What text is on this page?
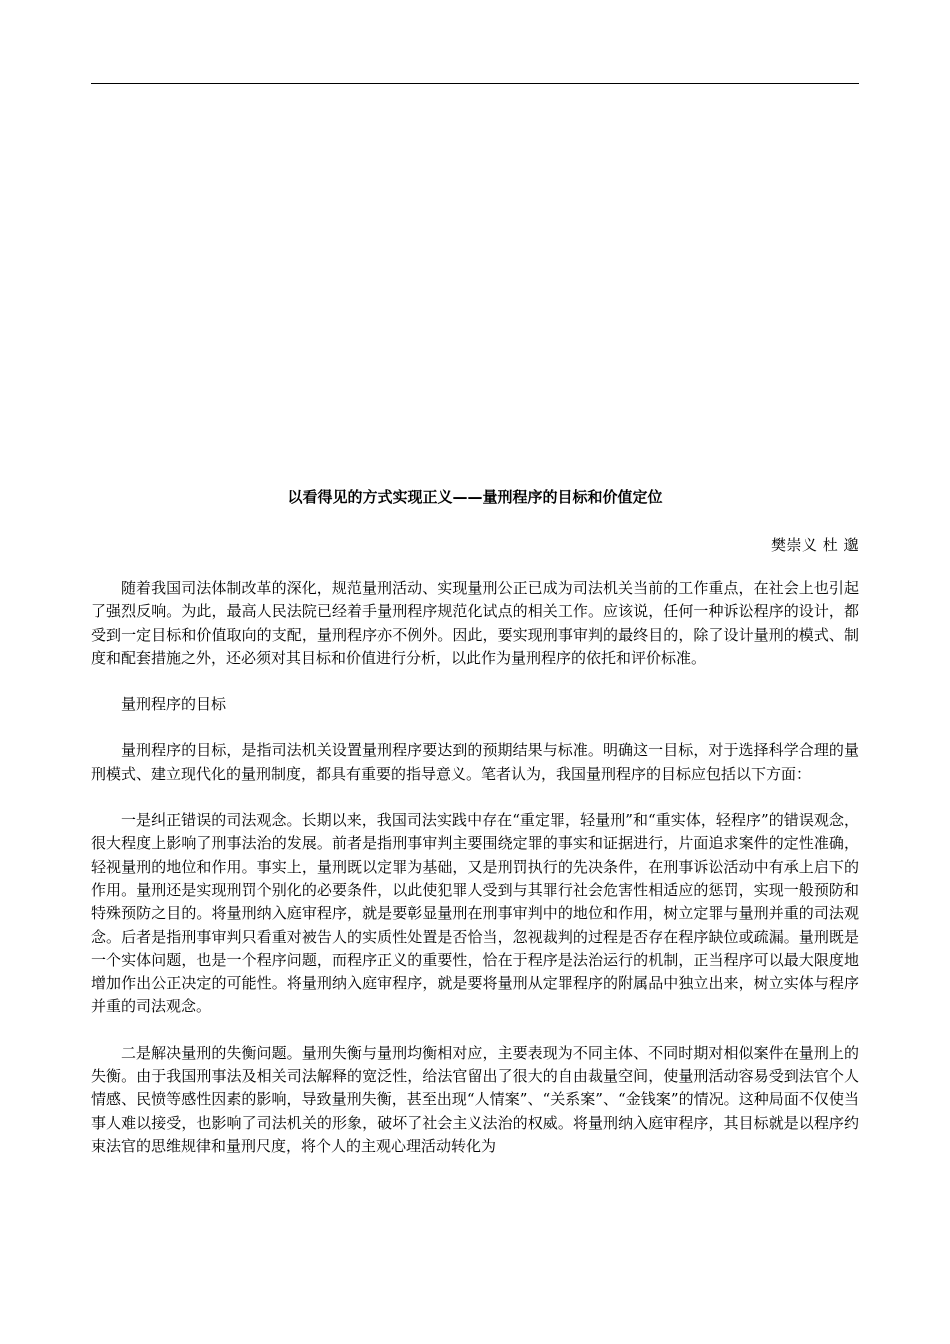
以看得见的方式实现正义——量刑程序的目标和价值定位
樊崇义 杜 邈

随着我国司法体制改革的深化，规范量刑活动、实现量刑公正已成为司法机关当前的工作重点，在社会上也引起了强烈反响。为此，最高人民法院已经着手量刑程序规范化试点的相关工作。应该说，任何一种诉讼程序的设计，都受到一定目标和价值取向的支配，量刑程序亦不例外。因此，要实现刑事审判的最终目的，除了设计量刑的模式、制度和配套措施之外，还必须对其目标和价值进行分析，以此作为量刑程序的依托和评价标准。

量刑程序的目标

量刑程序的目标，是指司法机关设置量刑程序要达到的预期结果与标准。明确这一目标，对于选择科学合理的量刑模式、建立现代化的量刑制度，都具有重要的指导意义。笔者认为，我国量刑程序的目标应包括以下方面：

一是纠正错误的司法观念。长期以来，我国司法实践中存在“重定罪，轻量刑”和“重实体，轻程序”的错误观念，很大程度上影响了刑事法治的发展。前者是指刑事审判主要围绕定罪的事实和证据进行，片面追求案件的定性准确，轻视量刑的地位和作用。事实上，量刑既以定罪为基础，又是刑罚执行的先决条件，在刑事诉讼活动中有承上启下的作用。量刑还是实现刑罚个别化的必要条件，以此使犯罪人受到与其罪行社会危害性相适应的惩罚，实现一般预防和特殊预防之目的。将量刑纳入庭审程序，就是要彰显量刑在刑事审判中的地位和作用，树立定罪与量刑并重的司法观念。后者是指刑事审判只看重对被告人的实质性处置是否恰当，忽视裁判的过程是否存在程序缺位或疏漏。量刑既是一个实体问题，也是一个程序问题，而程序正义的重要性，恰在于程序是法治运行的机制，正当程序可以最大限度地增加作出公正决定的可能性。将量刑纳入庭审程序，就是要将量刑从定罪程序的附属品中独立出来，树立实体与程序并重的司法观念。

二是解决量刑的失衡问题。量刑失衡与量刑均衡相对应，主要表现为不同主体、不同时期对相似案件在量刑上的失衡。由于我国刑事法及相关司法解释的宽泛性，给法官留出了很大的自由裁量空间，使量刑活动容易受到法官个人情感、民愤等感性因素的影响，导致量刑失衡，甚至出现“人情案”、“关系案”、“金钱案”的情况。这种局面不仅使当事人难以接受，也影响了司法机关的形象，破坏了社会主义法治的权威。将量刑纳入庭审程序，其目标就是以程序约束法官的思维规律和量刑尺度，将个人的主观心理活动转化为
